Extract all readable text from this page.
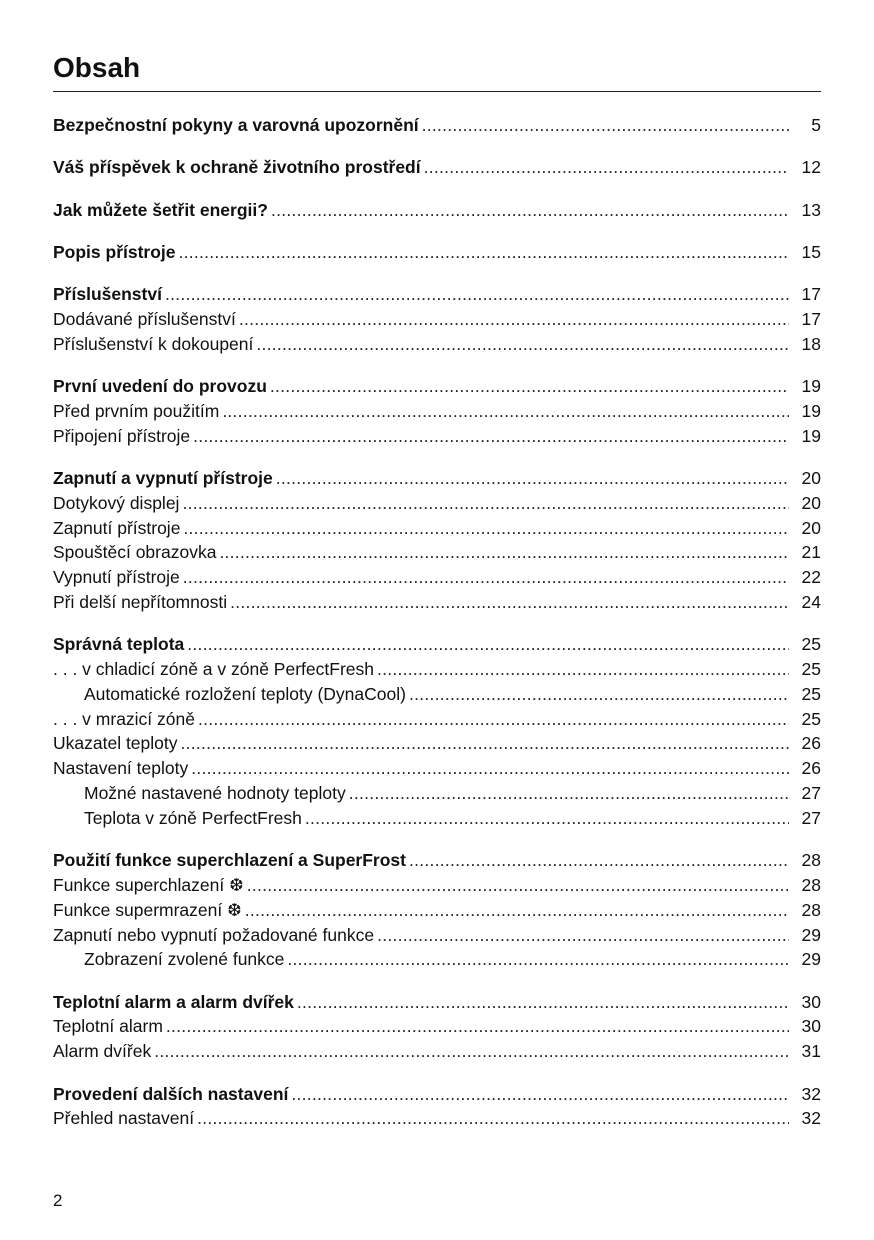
Obsah
Bezpečnostní pokyny a varovná upozornění . . .	5
Váš příspěvek k ochraně životního prostředí . . .	12
Jak můžete šetřit energii? . . .	13
Popis přístroje . . .	15
Příslušenství . . .	17
Dodávané příslušenství . . .	17
Příslušenství k dokoupení . . .	18
První uvedení do provozu . . .	19
Před prvním použitím . . .	19
Připojení přístroje . . .	19
Zapnutí a vypnutí přístroje . . .	20
Dotykový displej . . .	20
Zapnutí přístroje . . .	20
Spouštěcí obrazovka . . .	21
Vypnutí přístroje . . .	22
Při delší nepřítomnosti . . .	24
Správná teplota . . .	25
. . . v chladicí zóně a v zóně PerfectFresh . . .	25
Automatické rozložení teploty (DynaCool) . . .	25
. . . v mrazicí zóně . . .	25
Ukazatel teploty . . .	26
Nastavení teploty . . .	26
Možné nastavené hodnoty teploty . . .	27
Teplota v zóně PerfectFresh . . .	27
Použití funkce superchlazení a SuperFrost . . .	28
Funkce superchlazení ❆ . . .	28
Funkce supermrazení ❆ . . .	28
Zapnutí nebo vypnutí požadované funkce . . .	29
Zobrazení zvolené funkce . . .	29
Teplotní alarm a alarm dvířek . . .	30
Teplotní alarm . . .	30
Alarm dvířek . . .	31
Provedení dalších nastavení . . .	32
Přehled nastavení . . .	32
2
